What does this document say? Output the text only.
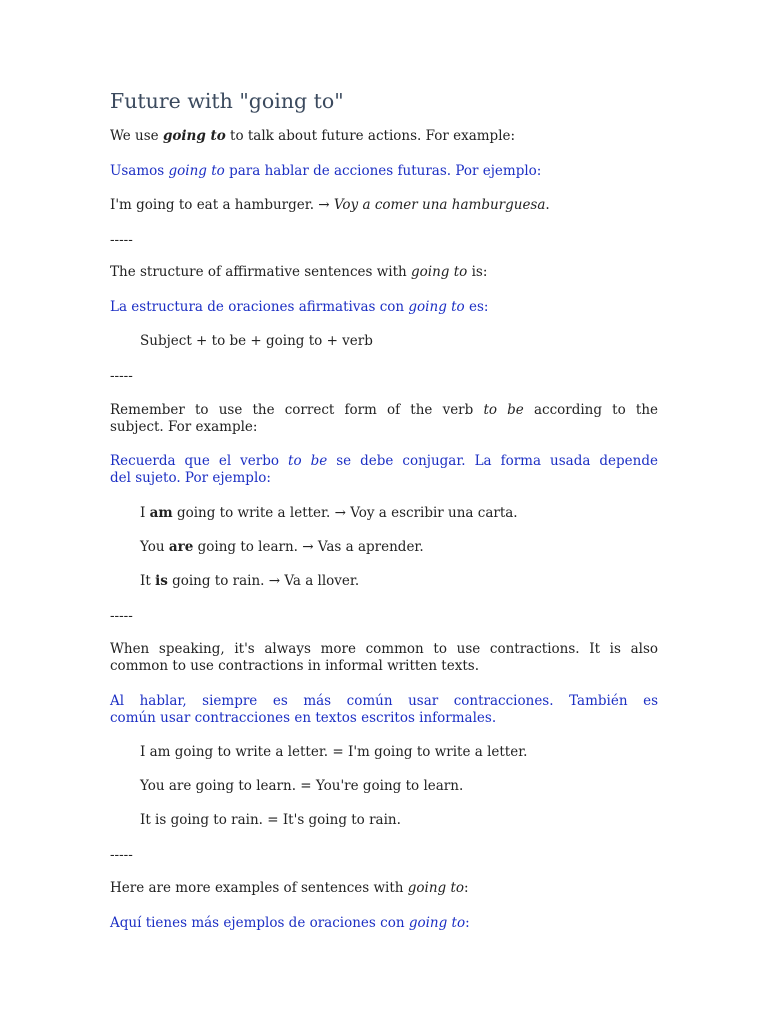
Future with "going to"
We use going to to talk about future actions. For example:
Usamos going to para hablar de acciones futuras. Por ejemplo:
I'm going to eat a hamburger. → Voy a comer una hamburguesa.
-----
The structure of affirmative sentences with going to is:
La estructura de oraciones afirmativas con going to es:
Subject + to be + going to + verb
-----
Remember to use the correct form of the verb to be according to the
subject. For example:
Recuerda que el verbo to be se debe conjugar. La forma usada depende
del sujeto. Por ejemplo:
I am going to write a letter. → Voy a escribir una carta.
You are going to learn. → Vas a aprender.
It is going to rain. → Va a llover.
-----
When speaking, it's always more common to use contractions. It is also
common to use contractions in informal written texts.
Al hablar, siempre es más común usar contracciones. También es
común usar contracciones en textos escritos informales.
I am going to write a letter. = I'm going to write a letter.
You are going to learn. = You're going to learn.
It is going to rain. = It's going to rain.
-----
Here are more examples of sentences with going to:
Aquí tienes más ejemplos de oraciones con going to:
